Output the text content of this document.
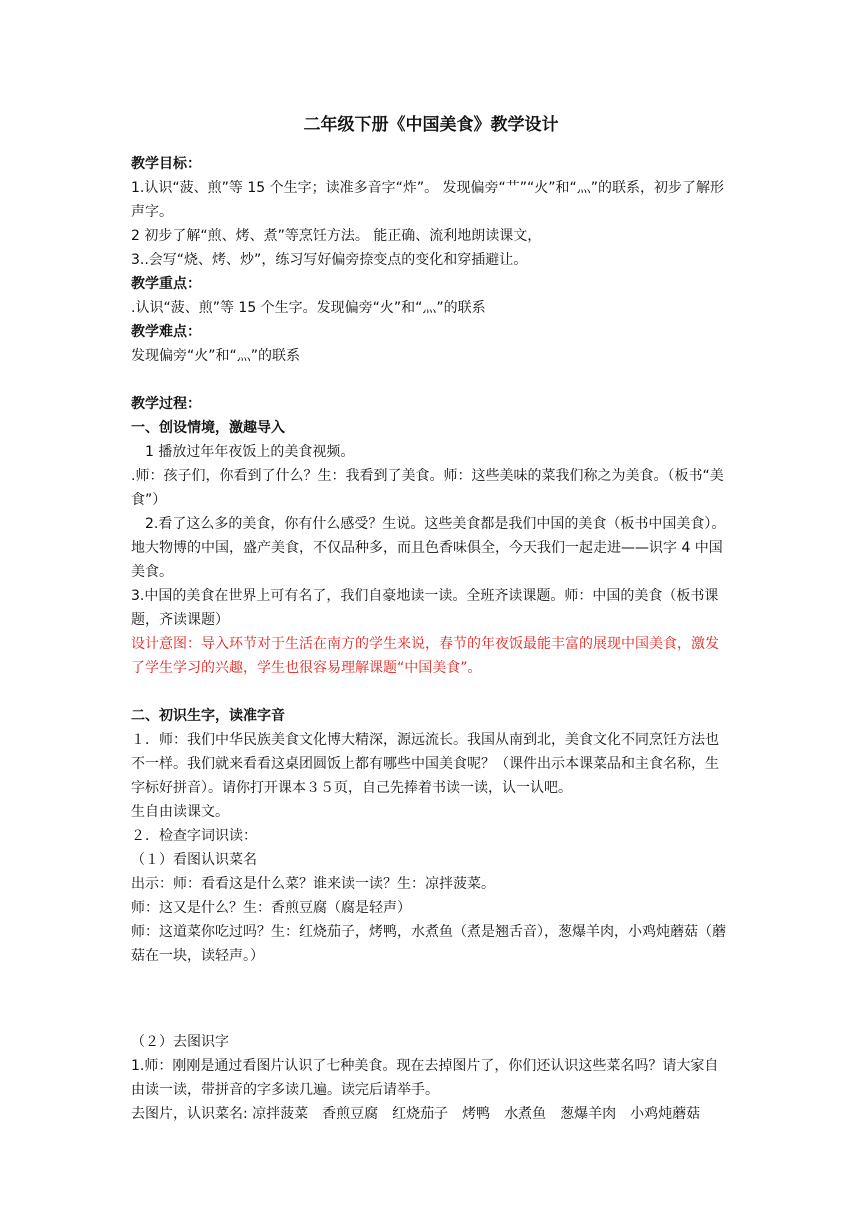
二年级下册《中国美食》教学设计

教学目标：

1.认识“菠、煎”等 15 个生字；读准多音字“炸”。 发现偏旁“艹”“火”和“灬”的联系，初步了解形声字。

2 初步了解“煎、烤、煮”等烹饪方法。 能正确、流利地朗读课文，

3..会写“烧、烤、炒”，练习写好偏旁捺变点的变化和穿插避让。

教学重点：

.认识“菠、煎”等 15 个生字。发现偏旁“火”和“灬”的联系

教学难点：

发现偏旁“火”和“灬”的联系

教学过程：

一、创设情境，激趣导入

1 播放过年年夜饭上的美食视频。

.师：孩子们，你看到了什么？生：我看到了美食。师：这些美味的菜我们称之为美食。（板书“美食”）

2.看了这么多的美食，你有什么感受？生说。这些美食都是我们中国的美食（板书中国美食）。地大物博的中国，盛产美食，不仅品种多，而且色香味俱全，今天我们一起走进——识字 4 中国美食。

3.中国的美食在世界上可有名了，我们自豪地读一读。全班齐读课题。师：中国的美食（板书课题，齐读课题）

设计意图：导入环节对于生活在南方的学生来说，春节的年夜饭最能丰富的展现中国美食，激发了学生学习的兴趣，学生也很容易理解课题“中国美食”。

二、初识生字，读准字音

１．师：我们中华民族美食文化博大精深，源远流长。我国从南到北，美食文化不同烹饪方法也不一样。我们就来看看这桌团圆饭上都有哪些中国美食呢？（课件出示本课菜品和主食名称，生字标好拼音）。请你打开课本３５页，自己先捧着书读一读，认一认吧。

生自由读课文。

２．检查字词识读：

（１）看图认识菜名

出示：师：看看这是什么菜？谁来读一读？生：凉拌菠菜。

师：这又是什么？生：香煎豆腐（腐是轻声）

师：这道菜你吃过吗？生：红烧茄子，烤鸭，水煮鱼（煮是翘舌音），葱爆羊肉，小鸡炖蘑菇（蘑菇在一块，读轻声。）

（２）去图识字

1.师：刚刚是通过看图片认识了七种美食。现在去掉图片了，你们还认识这些菜名吗？请大家自由读一读，带拼音的字多读几遍。读完后请举手。

去图片，认识菜名: 凉拌菠菜　香煎豆腐　红烧茄子　烤鸭　水煮鱼　葱爆羊肉　小鸡炖蘑菇
